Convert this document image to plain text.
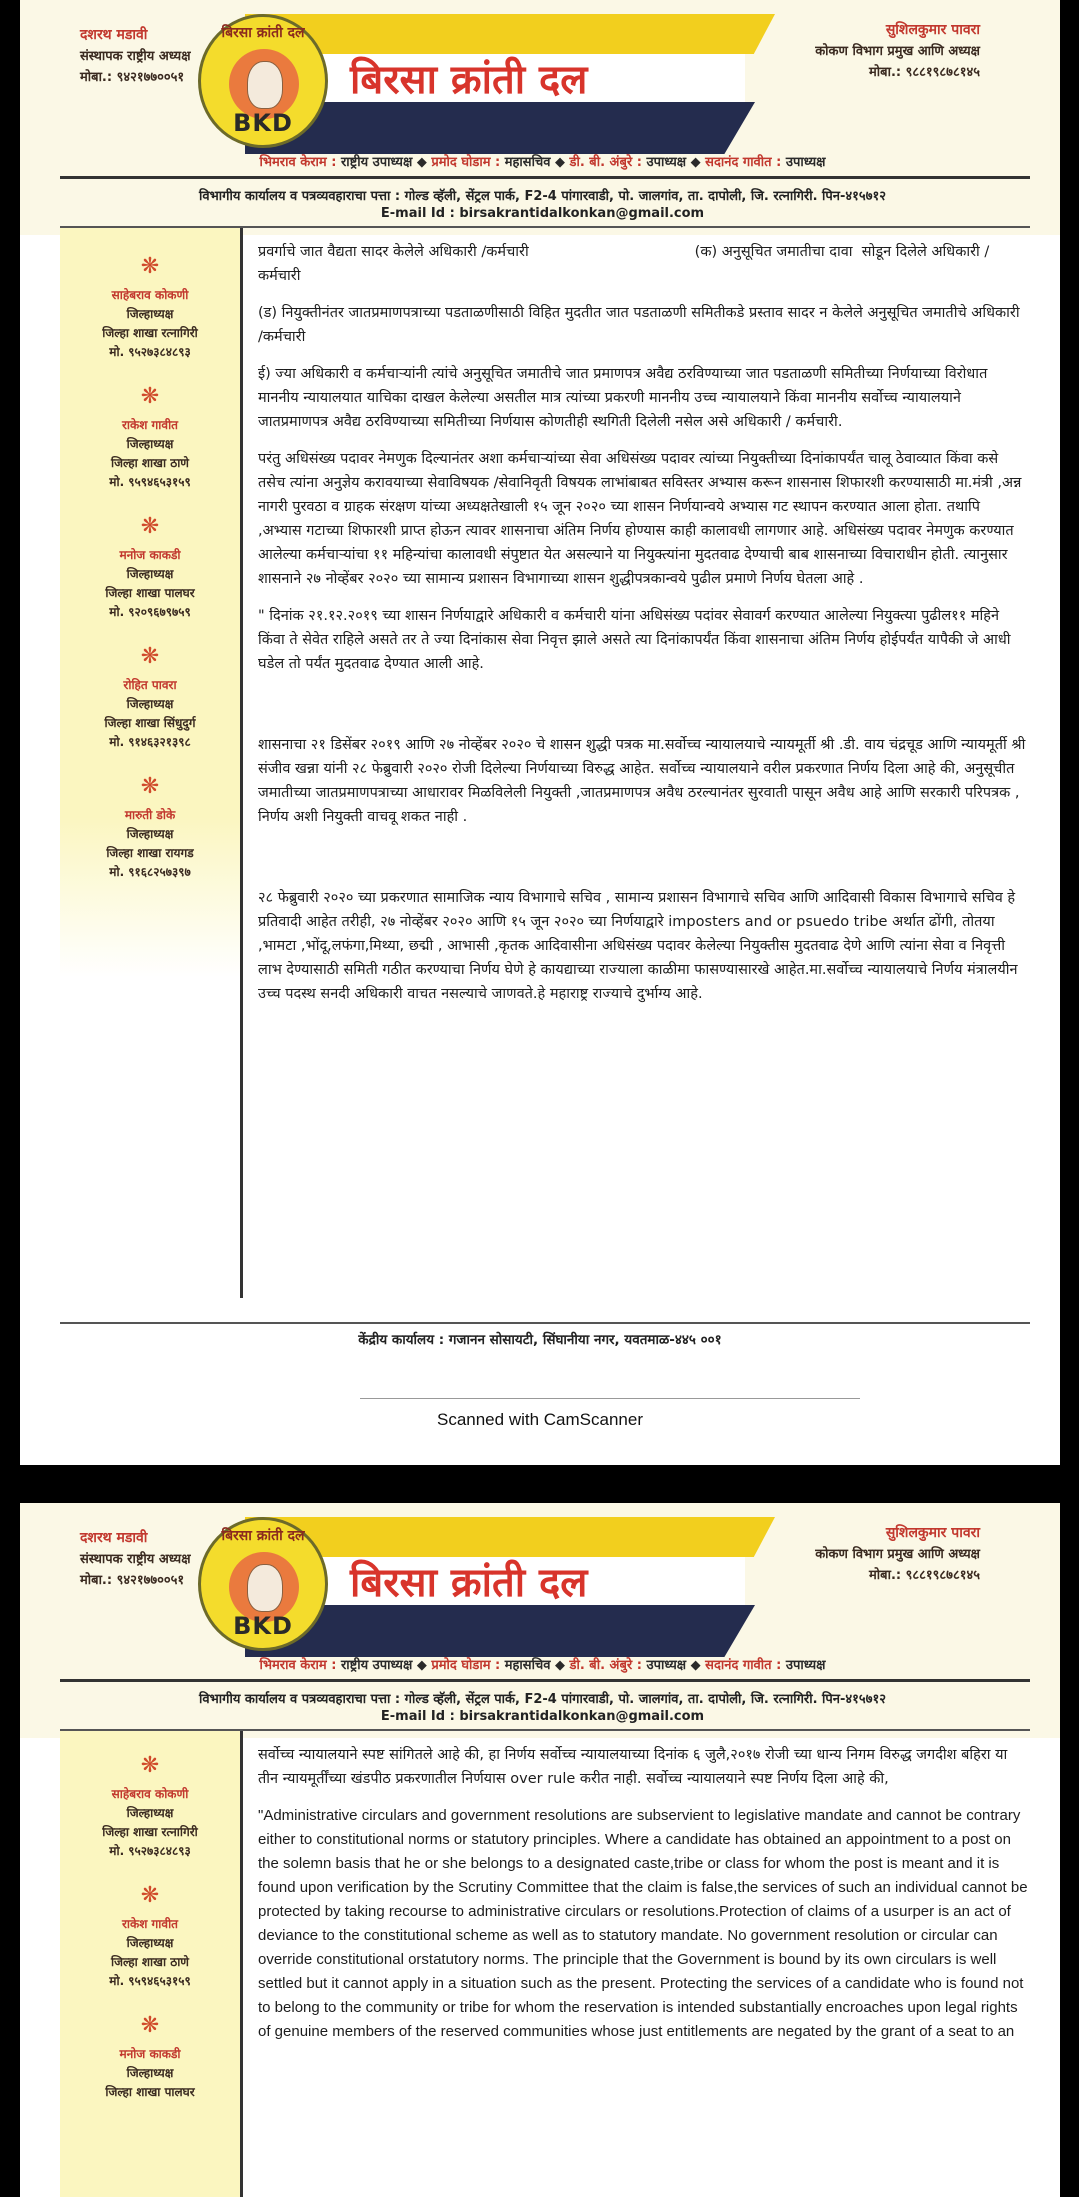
बिरसा क्रांती दल
BKD
बिरसा क्रांती दल
दशरथ मडावी
संस्थापक राष्ट्रीय अध्यक्ष
मोबा.: ९४२१७७००५१
सुशिलकुमार पावरा
कोकण विभाग प्रमुख आणि अध्यक्ष
मोबा.: ९८८१९८७८१४५
भिमराव केराम : राष्ट्रीय उपाध्यक्ष ◆ प्रमोद घोडाम : महासचिव ◆ डी. बी. अंबुरे : उपाध्यक्ष ◆ सदानंद गावीत : उपाध्यक्ष
विभागीय कार्यालय व पत्रव्यवहाराचा पत्ता : गोल्ड व्हॅली, सेंट्रल पार्क, F2-4 पांगारवाडी, पो. जालगांव, ता. दापोली, जि. रत्नागिरी. पिन-४१५७१२
E-mail Id : birsakrantidalkonkan@gmail.com
❋
साहेबराव कोकणी
जिल्हाध्यक्ष
जिल्हा शाखा रत्नागिरी
मो. ९५२७३८४८९३
❋
राकेश गावीत
जिल्हाध्यक्ष
जिल्हा शाखा ठाणे
मो. ९५९४६५३१५९
❋
मनोज काकडी
जिल्हाध्यक्ष
जिल्हा शाखा पालघर
मो. ९२०९६७९७५९
❋
रोहित पावरा
जिल्हाध्यक्ष
जिल्हा शाखा सिंधुदुर्ग
मो. ९१४६३२१३९८
❋
मारुती डोके
जिल्हाध्यक्ष
जिल्हा शाखा रायगड
मो. ९१६८२५७३९७

प्रवर्गाचे जात वैद्यता सादर केलेले अधिकारी /कर्मचारी                                    (क) अनुसूचित जमातीचा दावा  सोडून दिलेले अधिकारी / कर्मचारी

(ड) नियुक्तीनंतर जातप्रमाणपत्राच्या पडताळणीसाठी विहित मुदतीत जात पडताळणी समितीकडे प्रस्ताव सादर न केलेले अनुसूचित जमातीचे अधिकारी /कर्मचारी

ई) ज्या अधिकारी व कर्मचाऱ्यांनी त्यांचे अनुसूचित जमातीचे जात प्रमाणपत्र अवैद्य ठरविण्याच्या जात पडताळणी समितीच्या निर्णयाच्या विरोधात माननीय न्यायालयात याचिका दाखल केलेल्या असतील मात्र त्यांच्या प्रकरणी माननीय उच्च न्यायालयाने किंवा माननीय सर्वोच्च न्यायालयाने जातप्रमाणपत्र अवैद्य ठरविण्याच्या समितीच्या निर्णयास कोणतीही स्थगिती दिलेली नसेल असे अधिकारी / कर्मचारी.

परंतु अधिसंख्य पदावर नेमणुक दिल्यानंतर अशा कर्मचाऱ्यांच्या सेवा अधिसंख्य पदावर त्यांच्या नियुक्तीच्या दिनांकापर्यंत चालू ठेवाव्यात किंवा कसे तसेच त्यांना अनुज्ञेय करावयाच्या सेवाविषयक /सेवानिवृती विषयक लाभांबाबत सविस्तर अभ्यास करून शासनास शिफारशी करण्यासाठी मा.मंत्री ,अन्न नागरी पुरवठा व ग्राहक संरक्षण यांच्या अध्यक्षतेखाली १५ जून २०२० च्या शासन निर्णयान्वये अभ्यास गट स्थापन करण्यात आला होता. तथापि ,अभ्यास गटाच्या शिफारशी प्राप्त होऊन त्यावर शासनाचा अंतिम निर्णय होण्यास काही कालावधी लागणार आहे. अधिसंख्य पदावर नेमणुक करण्यात आलेल्या कर्मचाऱ्यांचा ११ महिन्यांचा कालावधी संपुष्टात येत असल्याने या नियुक्त्यांना मुदतवाढ देण्याची बाब शासनाच्या विचाराधीन होती. त्यानुसार शासनाने २७ नोव्हेंबर २०२० च्या सामान्य प्रशासन विभागाच्या शासन शुद्धीपत्रकान्वये पुढील प्रमाणे निर्णय घेतला आहे .

" दिनांक २१.१२.२०१९ च्या शासन निर्णयाद्वारे अधिकारी व कर्मचारी यांना अधिसंख्य पदांवर सेवावर्ग करण्यात आलेल्या नियुक्त्या पुढील११ महिने किंवा ते सेवेत राहिले असते तर ते ज्या दिनांकास सेवा निवृत्त झाले असते त्या दिनांकापर्यंत किंवा शासनाचा अंतिम निर्णय होईपर्यंत यापैकी जे आधी घडेल तो पर्यंत मुदतवाढ देण्यात आली आहे.

शासनाचा २१ डिसेंबर २०१९ आणि २७ नोव्हेंबर २०२० चे शासन शुद्धी पत्रक मा.सर्वोच्च न्यायालयाचे न्यायमूर्ती श्री .डी. वाय चंद्रचूड आणि न्यायमूर्ती श्री संजीव खन्ना यांनी २८ फेब्रुवारी २०२० रोजी दिलेल्या निर्णयाच्या विरुद्ध आहेत. सर्वोच्च न्यायालयाने वरील प्रकरणात निर्णय दिला आहे की, अनुसूचीत जमातीच्या जातप्रमाणपत्राच्या आधारावर मिळविलेली नियुक्ती ,जातप्रमाणपत्र अवैध ठरल्यानंतर सुरवाती पासून अवैध आहे आणि सरकारी परिपत्रक , निर्णय अशी नियुक्ती वाचवू शकत नाही .

२८ फेब्रुवारी २०२० च्या प्रकरणात सामाजिक न्याय विभागाचे सचिव , सामान्य प्रशासन विभागाचे सचिव आणि आदिवासी विकास विभागाचे सचिव हे प्रतिवादी आहेत तरीही, २७ नोव्हेंबर २०२० आणि १५ जून २०२० च्या निर्णयाद्वारे imposters and or psuedo tribe अर्थात ढोंगी, तोतया ,भामटा ,भोंदू,लफंगा,मिथ्या, छद्मी , आभासी ,कृतक आदिवासीना अधिसंख्य पदावर केलेल्या नियुक्तीस मुदतवाढ देणे आणि त्यांना सेवा व निवृत्ती लाभ देण्यासाठी समिती गठीत करण्याचा निर्णय घेणे हे कायद्याच्या राज्याला काळीमा फासण्यासारखे आहेत.मा.सर्वोच्च न्यायालयाचे निर्णय मंत्रालयीन उच्च पदस्थ सनदी अधिकारी वाचत नसल्याचे जाणवते.हे महाराष्ट्र राज्याचे दुर्भाग्य आहे.

केंद्रीय कार्यालय : गजानन सोसायटी, सिंघानीया नगर, यवतमाळ-४४५ ००१
Scanned with CamScanner
बिरसा क्रांती दल
BKD
बिरसा क्रांती दल
दशरथ मडावी
संस्थापक राष्ट्रीय अध्यक्ष
मोबा.: ९४२१७७००५१
सुशिलकुमार पावरा
कोकण विभाग प्रमुख आणि अध्यक्ष
मोबा.: ९८८१९८७८१४५
भिमराव केराम : राष्ट्रीय उपाध्यक्ष ◆ प्रमोद घोडाम : महासचिव ◆ डी. बी. अंबुरे : उपाध्यक्ष ◆ सदानंद गावीत : उपाध्यक्ष
विभागीय कार्यालय व पत्रव्यवहाराचा पत्ता : गोल्ड व्हॅली, सेंट्रल पार्क, F2-4 पांगारवाडी, पो. जालगांव, ता. दापोली, जि. रत्नागिरी. पिन-४१५७१२
E-mail Id : birsakrantidalkonkan@gmail.com
❋
साहेबराव कोकणी
जिल्हाध्यक्ष
जिल्हा शाखा रत्नागिरी
मो. ९५२७३८४८९३
❋
राकेश गावीत
जिल्हाध्यक्ष
जिल्हा शाखा ठाणे
मो. ९५९४६५३१५९
❋
मनोज काकडी
जिल्हाध्यक्ष
जिल्हा शाखा पालघर

सर्वोच्च न्यायालयाने स्पष्ट सांगितले आहे की, हा निर्णय सर्वोच्च न्यायालयाच्या दिनांक ६ जुलै,२०१७ रोजी च्या धान्य निगम विरुद्ध जगदीश बहिरा या तीन न्यायमूर्तींच्या खंडपीठ प्रकरणातील निर्णयास over rule करीत नाही. सर्वोच्च न्यायालयाने स्पष्ट निर्णय दिला आहे की,

"Administrative circulars and government resolutions are subservient to legislative mandate and cannot be contrary either to constitutional norms or statutory principles. Where a candidate has obtained an appointment to a post on the solemn basis that he or she belongs to a designated caste,tribe or class for whom the post is meant and it is found upon verification by the Scrutiny Committee that the claim is false,the services of such an individual cannot be protected by taking recourse to administrative circulars or resolutions.Protection of claims of a usurper is an act of deviance to the constitutional scheme as well as to statutory mandate. No government resolution or circular can override constitutional orstatutory norms. The principle that the Government is bound by its own circulars is well settled but it cannot apply in a situation such as the present. Protecting the services of a candidate who is found not to belong to the community or tribe for whom the reservation is intended substantially encroaches upon legal rights of genuine members of the reserved communities whose just entitlements are negated by the grant of a seat to an
